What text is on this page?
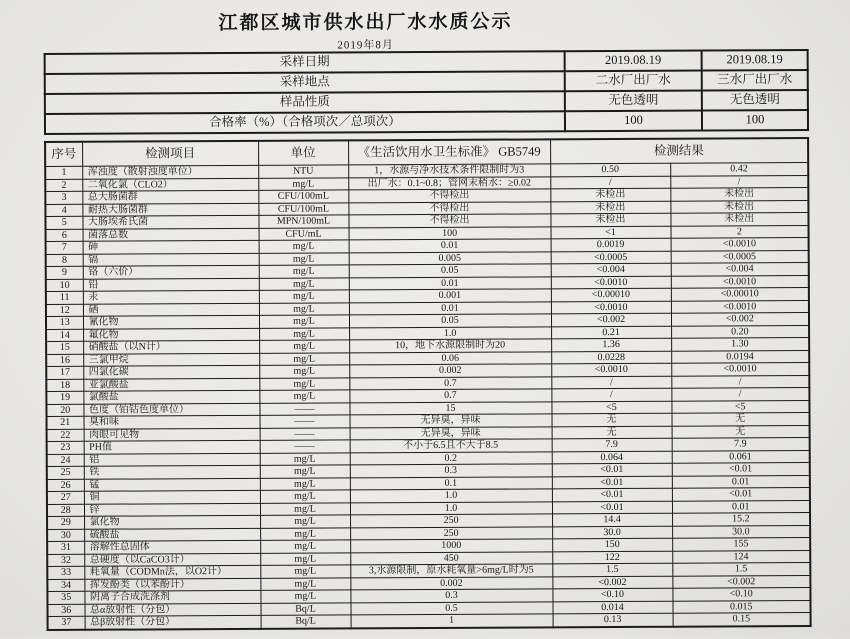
江都区城市供水出厂水水质公示
2019年8月
采样日期	2019.08.19	2019.08.19
采样地点	二水厂出厂水	三水厂出厂水
样品性质	无色透明	无色透明
合格率（%）（合格项次／总项次）	100	100
序号	检测项目	单位	《生活饮用水卫生标准》 GB5749	检测结果	
1	浑浊度（散射浊度单位）	NTU	1，水源与净水技术条件限制时为3	0.50	0.42
2	二氧化氯（CLO2）	mg/L	出厂水：0.1~0.8；管网末稍水：≥0.02	/	/
3	总大肠菌群	CFU/100mL	不得检出	未检出	未检出
4	耐热大肠菌群	CFU/100mL	不得检出	未检出	未检出
5	大肠埃希氏菌	MPN/100mL	不得检出	未检出	未检出
6	菌落总数	CFU/mL	100	<1	2
7	砷	mg/L	0.01	0.0019	<0.0010
8	镉	mg/L	0.005	<0.0005	<0.0005
9	铬（六价）	mg/L	0.05	<0.004	<0.004
10	铅	mg/L	0.01	<0.0010	<0.0010
11	汞	mg/L	0.001	<0.00010	<0.00010
12	硒	mg/L	0.01	<0.0010	<0.0010
13	氰化物	mg/L	0.05	<0.002	<0.002
14	氟化物	mg/L	1.0	0.21	0.20
15	硝酸盐（以N计）	mg/L	10，地下水源限制时为20	1.36	1.30
16	三氯甲烷	mg/L	0.06	0.0228	0.0194
17	四氯化碳	mg/L	0.002	<0.0010	<0.0010
18	亚氯酸盐	mg/L	0.7	/	/
19	氯酸盐	mg/L	0.7	/	/
20	色度（铂钴色度单位）	——	15	<5	<5
21	臭和味	——	无异臭，异味	无	无
22	肉眼可见物	——	无异臭，异味	无	无
23	PH值	——	不小于6.5且不大于8.5	7.9	7.9
24	铝	mg/L	0.2	0.064	0.061
25	铁	mg/L	0.3	<0.01	<0.01
26	锰	mg/L	0.1	<0.01	0.01
27	铜	mg/L	1.0	<0.01	<0.01
28	锌	mg/L	1.0	<0.01	0.01
29	氯化物	mg/L	250	14.4	15.2
30	硫酸盐	mg/L	250	30.0	30.0
31	溶解性总固体	mg/L	1000	150	155
32	总硬度（以CaCO3计）	mg/L	450	122	124
33	耗氧量（CODMn法，以O2计）	mg/L	3,水源限制，原水耗氧量>6mg/L时为5	1.5	1.5
34	挥发酚类（以苯酚计）	mg/L	0.002	<0.002	<0.002
35	阴离子合成洗涤剂	mg/L	0.3	<0.10	<0.10
36	总α放射性（分包）	Bq/L	0.5	0.014	0.015
37	总β放射性（分包）	Bq/L	1	0.13	0.15
